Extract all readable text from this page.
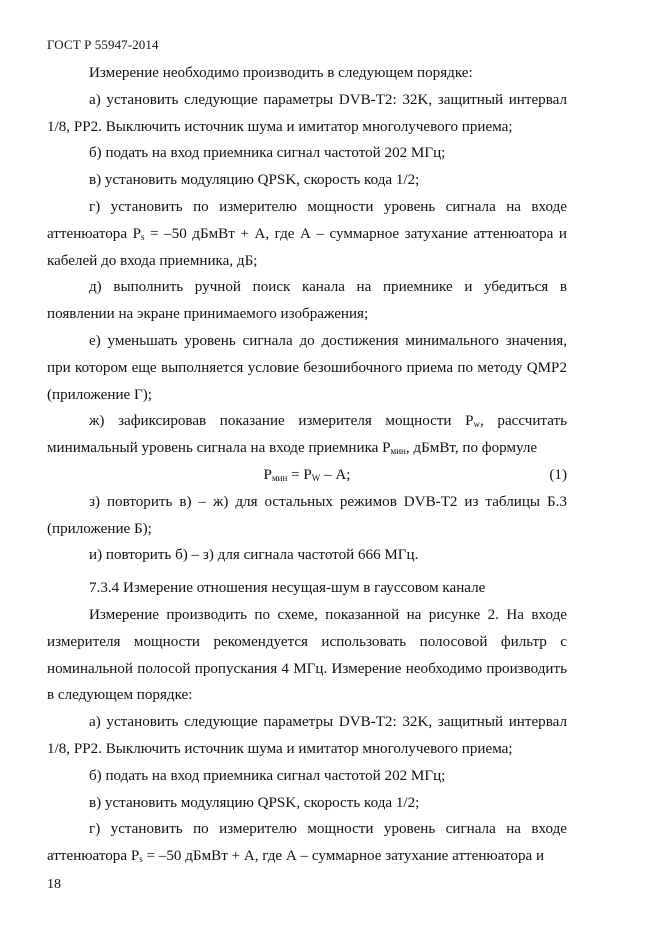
ГОСТ Р 55947-2014

Измерение необходимо производить в следующем порядке:

а) установить следующие параметры DVB-T2: 32K, защитный интервал 1/8, PP2. Выключить источник шума и имитатор многолучевого приема;

б) подать на вход приемника сигнал частотой 202 МГц;

в) установить модуляцию QPSK, скорость кода 1/2;

г) установить по измерителю мощности уровень сигнала на входе аттенюатора $P_s = -50$ дБмВт + А, где А – суммарное затухание аттенюатора и кабелей до входа приемника, дБ;

д) выполнить ручной поиск канала на приемнике и убедиться в появлении на экране принимаемого изображения;

е) уменьшать уровень сигнала до достижения минимального значения, при котором еще выполняется условие безошибочного приема по методу QMP2 (приложение Г);

ж) зафиксировав показание измерителя мощности $P_w$, рассчитать минимальный уровень сигнала на входе приемника $P_{мин}$, дБмВт, по формуле

$P_{мин} = P_W - А$;	(1)

з) повторить в) – ж) для остальных режимов DVB-T2 из таблицы Б.3 (приложение Б);

и) повторить б) – з) для сигнала частотой 666 МГц.

7.3.4 Измерение отношения несущая-шум в гауссовом канале

Измерение производить по схеме, показанной на рисунке 2. На входе измерителя мощности рекомендуется использовать полосовой фильтр с номинальной полосой пропускания 4 МГц. Измерение необходимо производить в следующем порядке:

а) установить следующие параметры DVB-T2: 32K, защитный интервал 1/8, PP2. Выключить источник шума и имитатор многолучевого приема;

б) подать на вход приемника сигнал частотой 202 МГц;

в) установить модуляцию QPSK, скорость кода 1/2;

г) установить по измерителю мощности уровень сигнала на входе аттенюатора $P_s = -50$ дБмВт + А, где А – суммарное затухание аттенюатора и

18
